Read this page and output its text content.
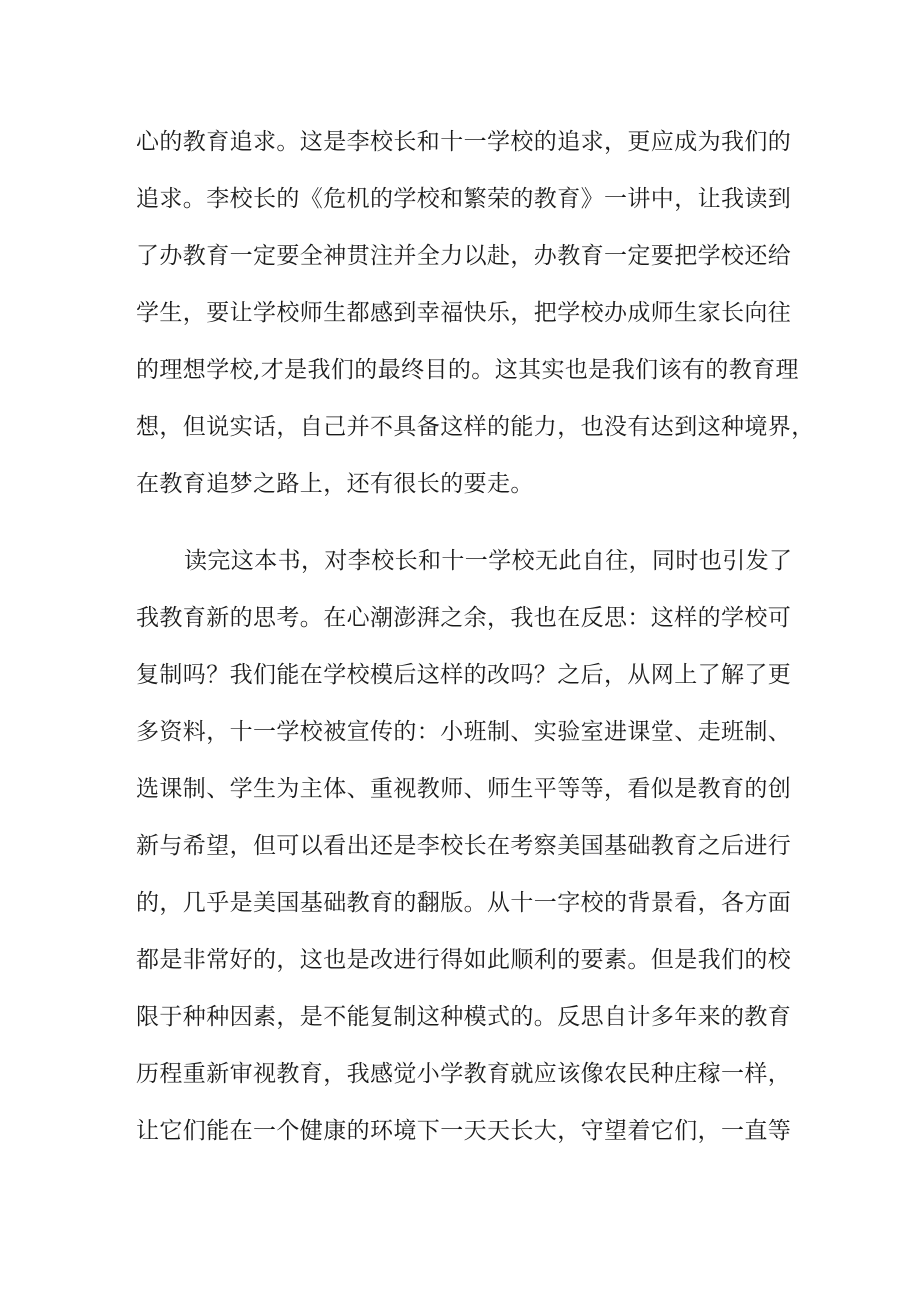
心的教育追求。这是李校长和十一学校的追求，更应成为我们的
追求。李校长的《危机的学校和繁荣的教育》一讲中，让我读到
了办教育一定要全神贯注并全力以赴，办教育一定要把学校还给
学生，要让学校师生都感到幸福快乐，把学校办成师生家长向往
的理想学校,才是我们的最终目的。这其实也是我们该有的教育理
想，但说实话，自己并不具备这样的能力，也没有达到这种境界，
在教育追梦之路上，还有很长的要走。
读完这本书，对李校长和十一学校无此自往，同时也引发了
我教育新的思考。在心潮澎湃之余，我也在反思：这样的学校可
复制吗？我们能在学校模后这样的改吗？之后，从网上了解了更
多资料，十一学校被宣传的：小班制、实验室进课堂、走班制、
选课制、学生为主体、重视教师、师生平等等，看似是教育的创
新与希望，但可以看出还是李校长在考察美国基础教育之后进行
的，几乎是美国基础教育的翻版。从十一字校的背景看，各方面
都是非常好的，这也是改进行得如此顺利的要素。但是我们的校
限于种种因素，是不能复制这种模式的。反思自计多年来的教育
历程重新审视教育，我感觉小学教育就应该像农民种庄稼一样，
让它们能在一个健康的环境下一天天长大，守望着它们，一直等
